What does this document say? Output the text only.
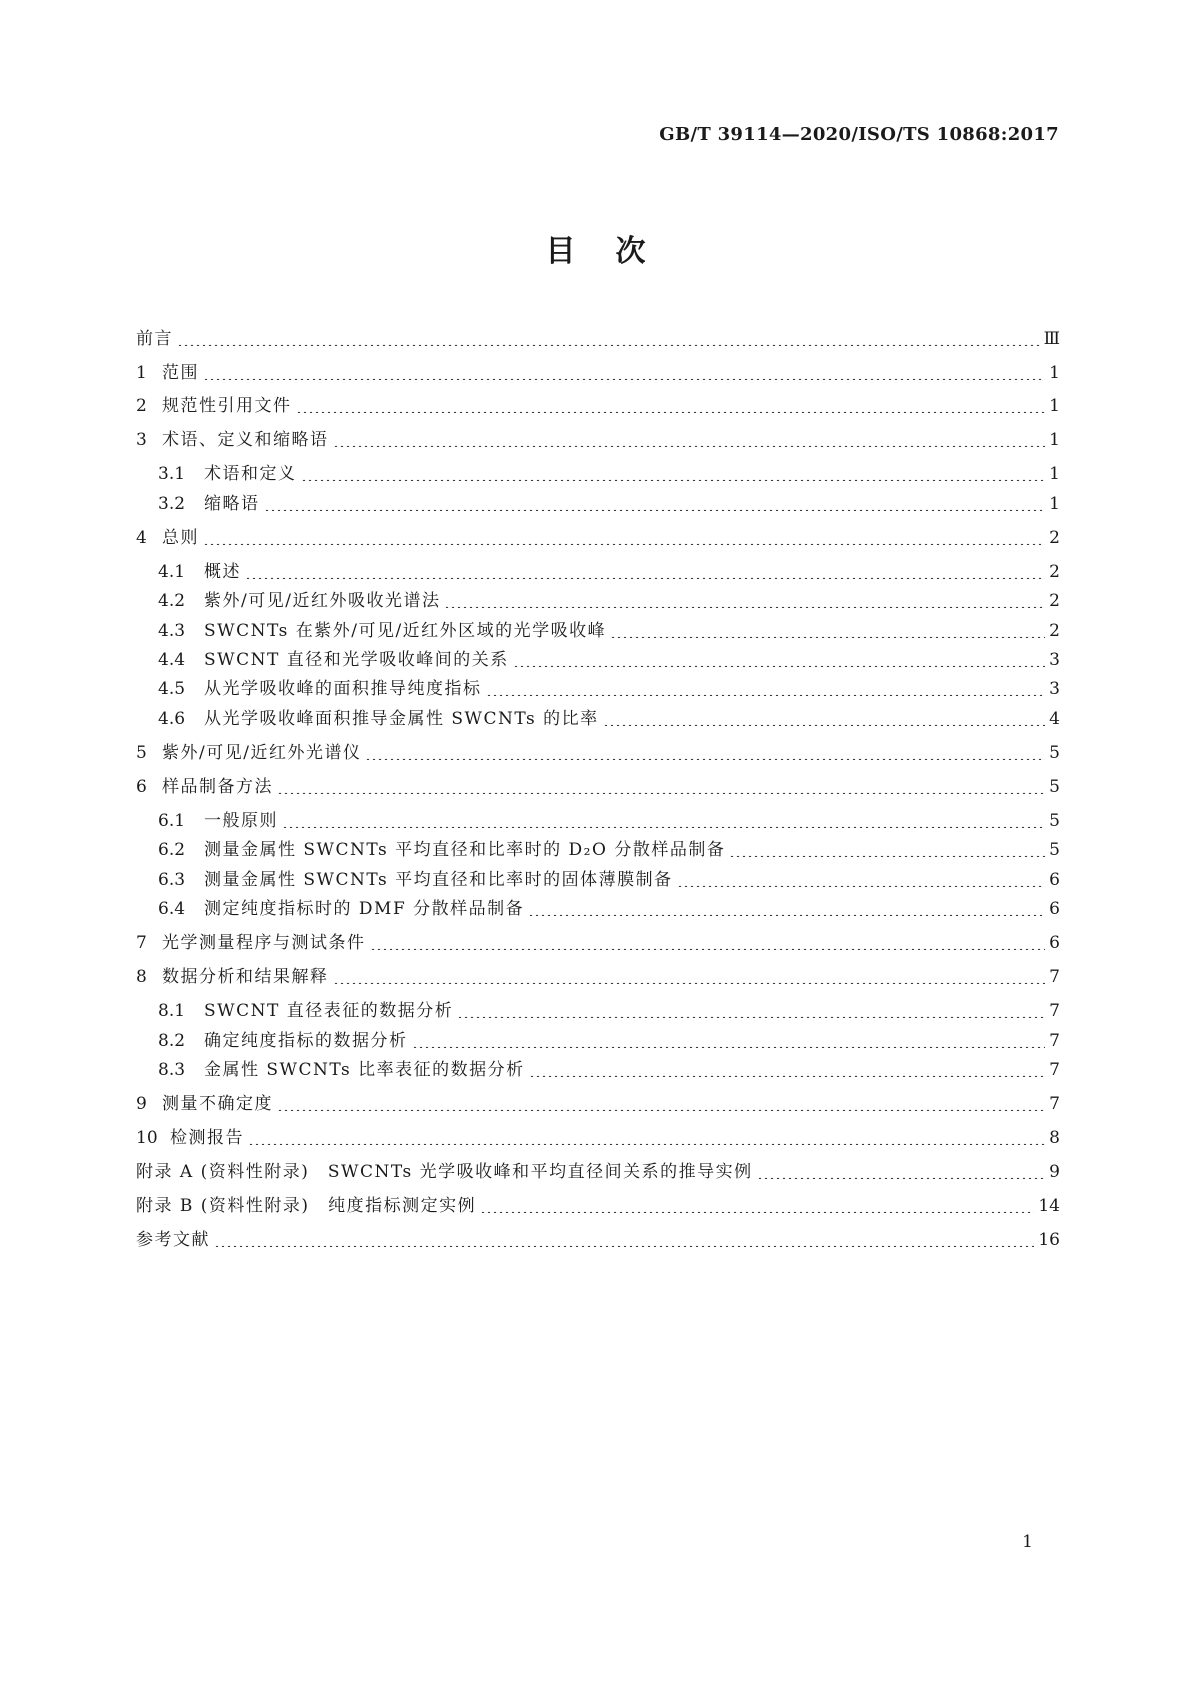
GB/T 39114—2020/ISO/TS 10868:2017
目次
前言	Ⅲ
1 范围	1
2 规范性引用文件	1
3 术语、定义和缩略语	1
3.1	术语和定义	1
3.2	缩略语	1
4 总则	2
4.1	概述	2
4.2	紫外/可见/近红外吸收光谱法	2
4.3	SWCNTs 在紫外/可见/近红外区域的光学吸收峰	2
4.4	SWCNT 直径和光学吸收峰间的关系	3
4.5	从光学吸收峰的面积推导纯度指标	3
4.6	从光学吸收峰面积推导金属性 SWCNTs 的比率	4
5 紫外/可见/近红外光谱仪	5
6 样品制备方法	5
6.1	一般原则	5
6.2	测量金属性 SWCNTs 平均直径和比率时的 D₂O 分散样品制备	5
6.3	测量金属性 SWCNTs 平均直径和比率时的固体薄膜制备	6
6.4	测定纯度指标时的 DMF 分散样品制备	6
7 光学测量程序与测试条件	6
8 数据分析和结果解释	7
8.1	SWCNT 直径表征的数据分析	7
8.2	确定纯度指标的数据分析	7
8.3	金属性 SWCNTs 比率表征的数据分析	7
9 测量不确定度	7
10 检测报告	8
附录 A (资料性附录)　SWCNTs 光学吸收峰和平均直径间关系的推导实例	9
附录 B (资料性附录)　纯度指标测定实例	14
参考文献	16
1
